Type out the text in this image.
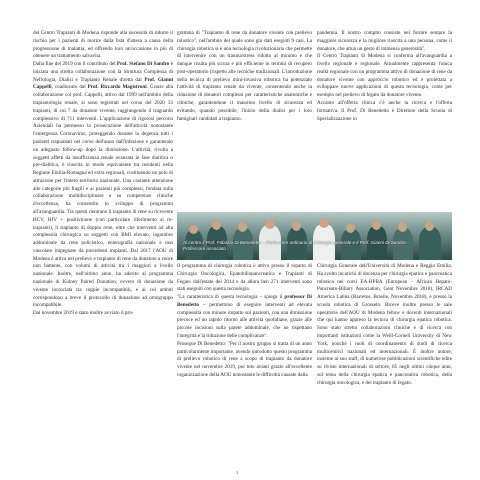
del Centro Trapianti di Modena risponde alla necessità di ridurre il rischio per i pazienti di morire dalla lista d'attesa a causa della progressione di malattia, ed offrendo loro un'occasione in più di ottenere un trattamento salvavita.

Dalla fine del 2019 con il contributo del Prof. Stefano Di Sandro è iniziata una stretta collaborazione con la Struttura Complessa di Nefrologia, Dialisi e Trapianto Renale diretta dal Prof. Gianni Cappelli, coadiuvato dal Prof. Riccardo Magistroni. Grazie alla collaborazione col prof. Cappelli, attivo dal 1999 nell'ambito della trapiantologia renale, si sono registrati nel corso del 2020 33 trapianti, di cui 7 da donatore vivente, raggiungendo il traguardo complessivo di 711 interventi. L'applicazione di rigorosi percorsi Aziendali ha permesso la prosecuzione dell'attività nonostante l'emergenza Coronavirus, proteggendo durante la degenza tutti i pazienti trapiantati nel corso dell'anno dall'infezione e garantendo un adeguato follow-up dopo la dimissione. L'attività, rivolta a soggetti affetti da insufficienza renale avanzata in fase dialitica o pre-dialitica, è riuscita in modo equivalente tra residenti nella Regione Emilia-Romagna ed extra regionali, costituendo un polo di attrazione per l'intero territorio nazionale. Una costante attenzione alle categorie più fragili e ai pazienti più complessi, fondata sulla collaborazione multidisciplinare e su competenze cliniche d'eccellenza, ha consentito lo sviluppo di programmi all'avanguardia. Tra questi rientrano il trapianto di rene su ricevente HCV, HIV + positivinone (con particolare riferimento ai re-trapianti), il trapianto di doppio rene, oltre che interventi ad alta complessità chirurgica su soggetti con BMI elevato, ingombro addominale da rene policistico, enterografia nazionale e non vascolare impegnate da precedenti impianti. Dal 2017 l'AOU di Modena è attiva nel prelievo e trapianto di rene da donatore a cuore non battente, con volumi di attività tra i maggiori a livello nazionale. Inoltre, nell'ultimo anno, ha aderito al programma nazionale di Kidney Paired Donation, ovvero di donazione da vivente incrociata tra coppie incompatibili, e ai cui ambiti corrispondono a breve il protocollo di donazione ad omogruppo incompatibile.

Dal novembre 2019 è stato inoltre avviato il pro-

gramma di "Trapianto di rene da donatore vivente con prelievo robotico", nell'ambito del quale sono già stati eseguiti 9 casi. La chirurgia robotica si è una tecnologia rivoluzionaria che permette di intervenire con un trauma/stress ridotto al minimo e che dunque risulta più sicura e più efficiente in termini di recupero post-operatorio (rispetto alle tecniche tradizionali. L'introduzione della tecnica di prelievo mini-invasiva robotica ha potenziato l'attività di trapianto renale da vivente, consentendo anche la riduzione di donatori complessi per caratteristiche anatomiche e cliniche, garantendone il massimo livello di sicurezza ed evitando, quando possibile, l'inizio della dialisi per i loro famigliari candidati a trapianto.

pandemia. Il nostro compito consiste nel fornire sempre la maggiore sicurezza e la migliore riuscita a una persona, come il donatore, che attua un gesto di immensa generosità".

Il Centro Trapianti di Modena si conferma all'avanguardia a livello regionale e regionale. Attualmente rappresenta l'unica realtà regionale con un programma attivo di donazione di rene da donatore vivente con approccio robotico ed è proiettata a sviluppare nuove applicazioni di questa tecnologia, come per esempio nel prelievo di fegato da donatore vivente.

Accanto all'offerta clinica c'è anche la ricerca e l'offerta formativa. Il Prof. Di Benedetto è Direttore della Scuola di Specializzazione in

Al centro il Prof. Fabrizio Di Benedetto – Professore ordinario di Chirurgia generale e il Prof. Gianni Di Sandro – Professore associato

Il programma di chirurgia robotica è attivo presso il reparto di Chirurgia Oncologica, Epatobiliopancreatica e Trapianti di Fegato dall'estate del 2014 e da allora ben 271 interventi sono stati eseguiti con questa tecnologia.

"La caratteristica di questa tecnologia – spiega il professor Di Benedetto – permettono di eseguire interventi ad elevata complessità con minore impatto sui pazienti, con una dimissione precoce ed un rapido ritorno alle attività quotidiane, grazie alle piccole incisioni sulla parete addominale, che ne rispettano l'integrità e la riduzione delle complicanze".

Prosegue Di Benedetto: "Per il nostro gruppo si tratta di un anno particolarmente importante, avendo introdotto questo programma di prelievo robotico di rene a scopo di trapianto da donatore vivente nel novembre 2019, poi tuto avanti grazie all'eccellente organizzazione della AOU nonostante le difficoltà causate dalla

Chirurgia Generale dell'Università di Modena e Reggio Emilia. Ha svolto incarichi di docenza per chirurgia epatica e pancreatica robotica nei corsi EA-HPBA (European – African Hepato-Pancreato-Biliary Association, Gent Novembre 2018), IRCAD America Latina (Barretos, Brasile, Novembre 2018), e presso la scuola robotica di Grosseto. Riceve inoltre presso le sale operatorie dell'AOU di Modena fellow e docenti internazionali che qui hanno appreso la tecnica di chirurgia epatica robotica. Sono stato stretto collaborazioni cliniche e di ricerca con importanti istituzioni come la Weill-Cornell University di New York, nonché i ruoli di coordinamento di studi di ricerca multicentrici nazionali ed internazionali. È inoltre autore, insieme al suo staff, di numerose pubblicazioni scientifiche edite su riviste internazionali di settore, 85 negli ultimi cinque anni, sul tema della chirurgia epatica e pancreatica robotica, della chirurgia oncologica, e del trapianto di fegato.

3
